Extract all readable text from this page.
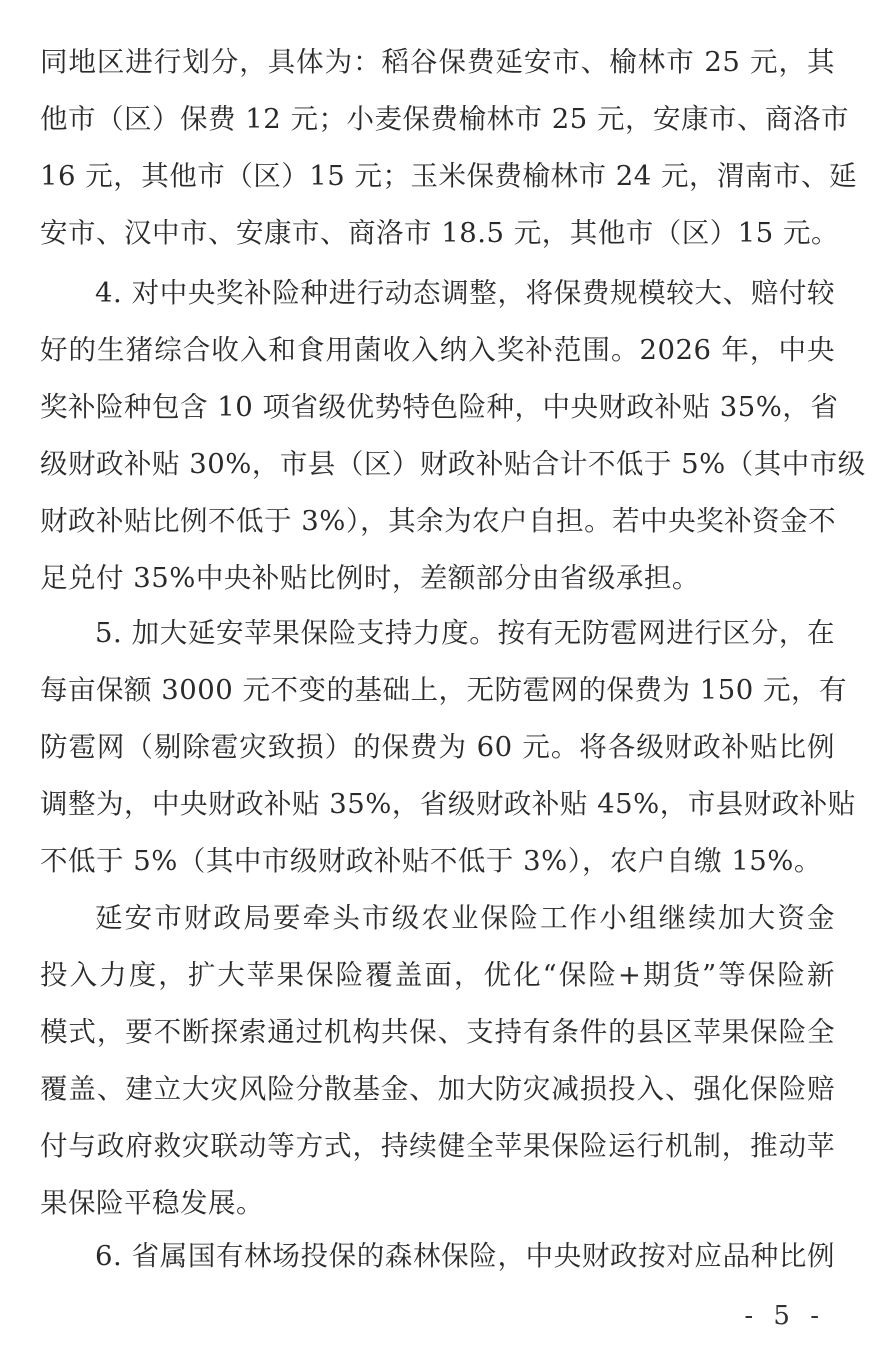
同地区进行划分，具体为：稻谷保费延安市、榆林市 25 元，其
他市（区）保费 12 元；小麦保费榆林市 25 元，安康市、商洛市
16 元，其他市（区）15 元；玉米保费榆林市 24 元，渭南市、延
安市、汉中市、安康市、商洛市 18.5 元，其他市（区）15 元。
4. 对中央奖补险种进行动态调整，将保费规模较大、赔付较
好的生猪综合收入和食用菌收入纳入奖补范围。2026 年，中央
奖补险种包含 10 项省级优势特色险种，中央财政补贴 35%，省
级财政补贴 30%，市县（区）财政补贴合计不低于 5%（其中市级
财政补贴比例不低于 3%），其余为农户自担。若中央奖补资金不
足兑付 35%中央补贴比例时，差额部分由省级承担。
5. 加大延安苹果保险支持力度。按有无防雹网进行区分，在
每亩保额 3000 元不变的基础上，无防雹网的保费为 150 元，有
防雹网（剔除雹灾致损）的保费为 60 元。将各级财政补贴比例
调整为，中央财政补贴 35%，省级财政补贴 45%，市县财政补贴
不低于 5%（其中市级财政补贴不低于 3%），农户自缴 15%。
延安市财政局要牵头市级农业保险工作小组继续加大资金
投入力度，扩大苹果保险覆盖面，优化“保险+期货”等保险新
模式，要不断探索通过机构共保、支持有条件的县区苹果保险全
覆盖、建立大灾风险分散基金、加大防灾减损投入、强化保险赔
付与政府救灾联动等方式，持续健全苹果保险运行机制，推动苹
果保险平稳发展。
6. 省属国有林场投保的森林保险，中央财政按对应品种比例
- 5 -
